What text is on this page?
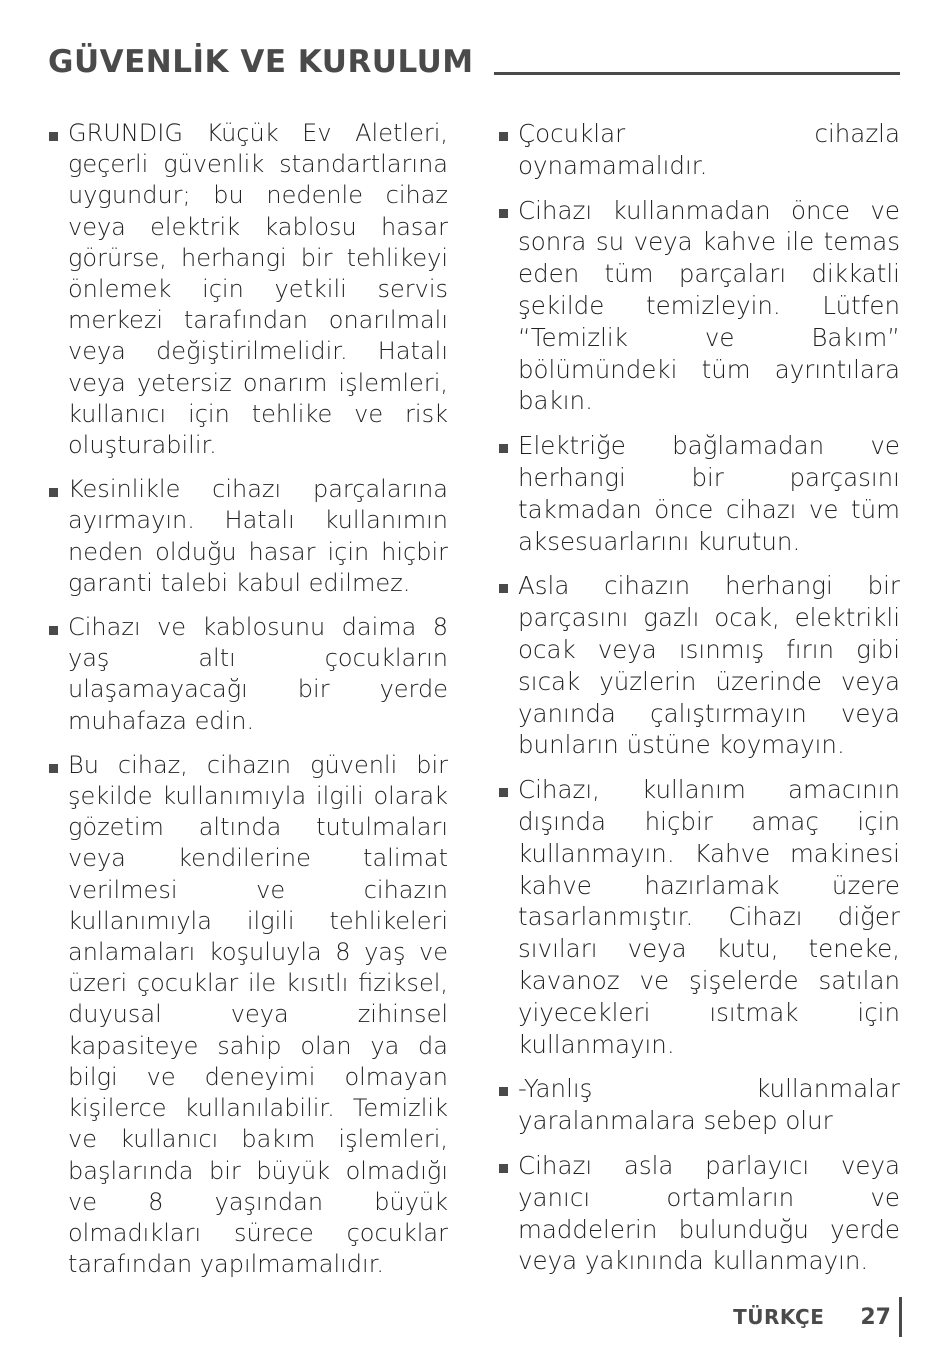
GÜVENLİK VE KURULUM
GRUNDIG Küçük Ev Aletleri, geçerli güvenlik standartlarına uygundur; bu nedenle cihaz veya elektrik kablosu hasar görürse, herhangi bir tehlikeyi önlemek için yetkili servis merkezi tarafından onarılmalı veya değiştirilmelidir. Hatalı veya yetersiz onarım işlemleri, kullanıcı için tehlike ve risk oluşturabilir.
Kesinlikle cihazı parçalarına ayırmayın. Hatalı kullanımın neden olduğu hasar için hiçbir garanti talebi kabul edilmez.
Cihazı ve kablosunu daima 8 yaş altı çocukların ulaşamayacağı bir yerde muhafaza edin.
Bu cihaz, cihazın güvenli bir şekilde kullanımıyla ilgili olarak gözetim altında tutulmaları veya kendilerine talimat verilmesi ve cihazın kullanımıyla ilgili tehlikeleri anlamaları koşuluyla 8 yaş ve üzeri çocuklar ile kısıtlı fiziksel, duyusal veya zihinsel kapasiteye sahip olan ya da bilgi ve deneyimi olmayan kişilerce kullanılabilir. Temizlik ve kullanıcı bakım işlemleri, başlarında bir büyük olmadığı ve 8 yaşından büyük olmadıkları sürece çocuklar tarafından yapılmamalıdır.
Çocuklar cihazla oynamamalıdır.
Cihazı kullanmadan önce ve sonra su veya kahve ile temas eden tüm parçaları dikkatli şekilde temizleyin. Lütfen “Temizlik ve Bakım” bölümündeki tüm ayrıntılara bakın.
Elektriğe bağlamadan ve herhangi bir parçasını takmadan önce cihazı ve tüm aksesuarlarını kurutun.
Asla cihazın herhangi bir parçasını gazlı ocak, elektrikli ocak veya ısınmış fırın gibi sıcak yüzlerin üzerinde veya yanında çalıştırmayın veya bunların üstüne koymayın.
Cihazı, kullanım amacının dışında hiçbir amaç için kullanmayın. Kahve makinesi kahve hazırlamak üzere tasarlanmıştır. Cihazı diğer sıvıları veya kutu, teneke, kavanoz ve şişelerde satılan yiyecekleri ısıtmak için kullanmayın.
-Yanlış kullanmalar yaralanmalara sebep olur
Cihazı asla parlayıcı veya yanıcı ortamların ve maddelerin bulunduğu yerde veya yakınında kullanmayın.
TÜRKÇE 27
